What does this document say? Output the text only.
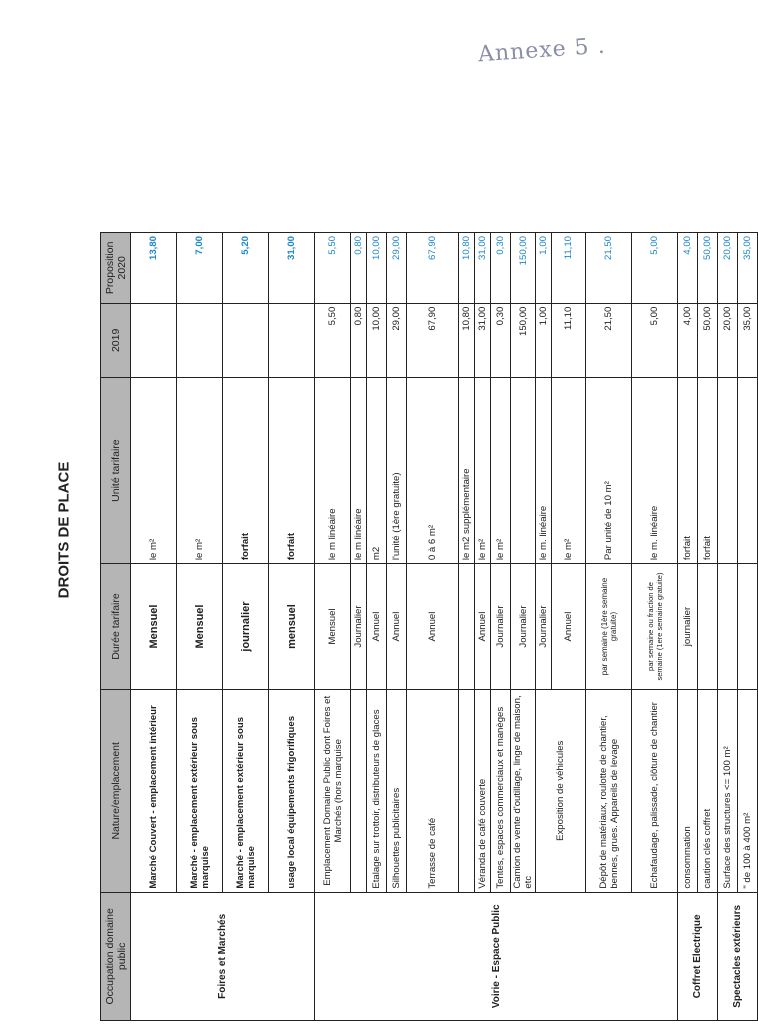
Annexe 5 .
DROITS DE PLACE
Occupation domaine public	Nature/emplacement	Durée tarifaire	Unité tarifaire	2019	Proposition 2020
Foires et Marchés	Marché Couvert - emplacement intérieur	Mensuel	le m²		13,80
	Marché - emplacement extérieur sous marquise	Mensuel	le m²		7,00
	Marché - emplacement extérieur sous marquise	journalier	forfait		5,20
	usage local équipements frigorifiques	mensuel	forfait		31,00
Voirie - Espace Public	Emplacement Domaine Public dont Foires et Marchés (hors marquise	Mensuel	le m linéaire	5,50	5,50
		Journalier	le m linéaire	0,80	0,80
	Etalage sur trottoir, distributeurs de glaces	Annuel	m2	10,00	10,00
	Silhouettes publicitaires	Annuel	l'unité (1ère gratuite)	29,00	29,00
	Terrasse de café	Annuel	0 à 6 m²	67,90	67,90
			le m2 supplémentaire	10,80	10,80
	Véranda de café couverte	Annuel	le m²	31,00	31,00
	Tentes, espaces commerciaux et manèges	Journalier	le m²	0,30	0,30
	Camion de vente d'outillage, linge de maison, etc	Journalier		150,00	150,00
	Exposition de véhicules	Journalier	le m. linéaire	1,00	1,00
		Annuel	le m²	11,10	11,10
	Dépôt de matériaux, roulotte de chantier, bennes, grues. Appareils de levage	par semaine (1ère semaine gratuite)	Par unité de 10 m²	21,50	21,50
	Echafaudage, palissade, clôture de chantier	par semaine ou fraction de semaine (1ere semaine gratuite)	le m. linéaire	5,00	5,00
Coffret Electrique	consommation	journalier	forfait	4,00	4,00
	caution clés coffret		forfait	50,00	50,00
Spectacles extérieurs	Surface des structures <= 100 m²			20,00	20,00
	" de 100 à 400 m²			35,00	35,00
